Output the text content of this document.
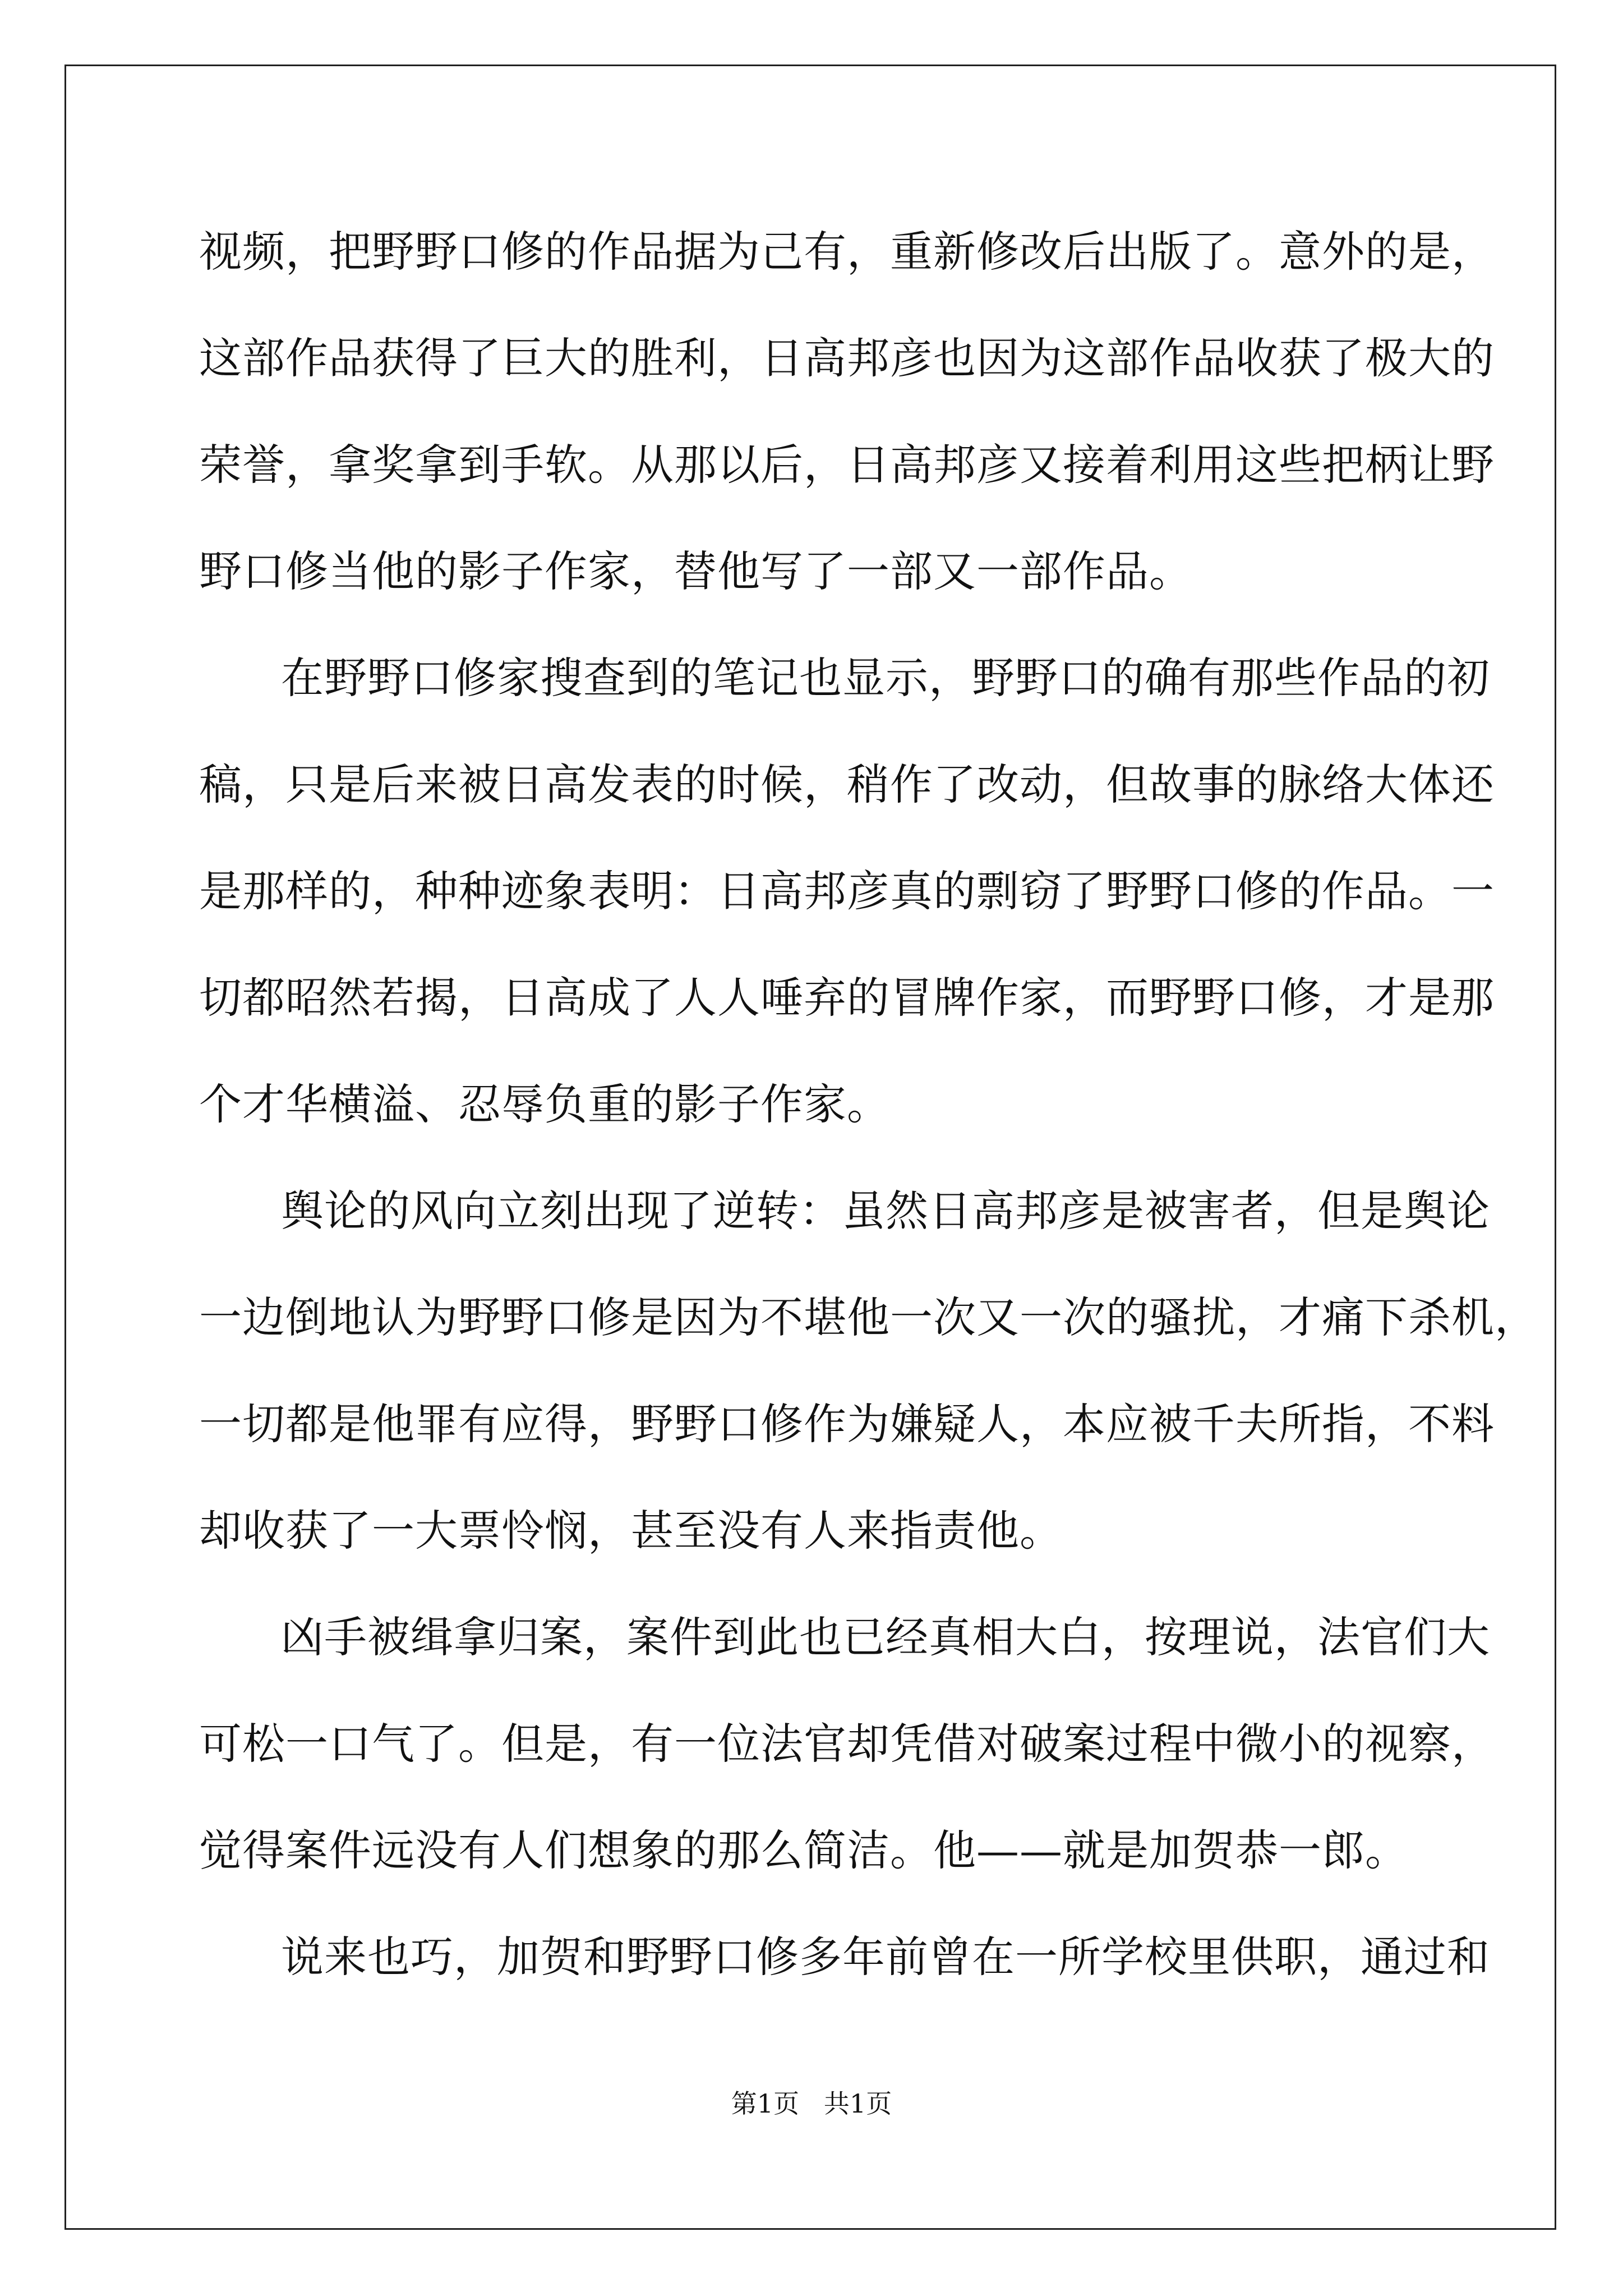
视频，把野野口修的作品据为己有，重新修改后出版了。意外的是，
这部作品获得了巨大的胜利，日高邦彦也因为这部作品收获了极大的
荣誉，拿奖拿到手软。从那以后，日高邦彦又接着利用这些把柄让野
野口修当他的影子作家，替他写了一部又一部作品。
在野野口修家搜查到的笔记也显示，野野口的确有那些作品的初
稿，只是后来被日高发表的时候，稍作了改动，但故事的脉络大体还
是那样的，种种迹象表明：日高邦彦真的剽窃了野野口修的作品。一
切都昭然若揭，日高成了人人唾弃的冒牌作家，而野野口修，才是那
个才华横溢、忍辱负重的影子作家。
舆论的风向立刻出现了逆转：虽然日高邦彦是被害者，但是舆论
一边倒地认为野野口修是因为不堪他一次又一次的骚扰，才痛下杀机，
一切都是他罪有应得，野野口修作为嫌疑人，本应被千夫所指，不料
却收获了一大票怜悯，甚至没有人来指责他。
凶手被缉拿归案，案件到此也已经真相大白，按理说，法官们大
可松一口气了。但是，有一位法官却凭借对破案过程中微小的视察，
觉得案件远没有人们想象的那么简洁。他——就是加贺恭一郎。
说来也巧，加贺和野野口修多年前曾在一所学校里供职，通过和
第1页   共1页
